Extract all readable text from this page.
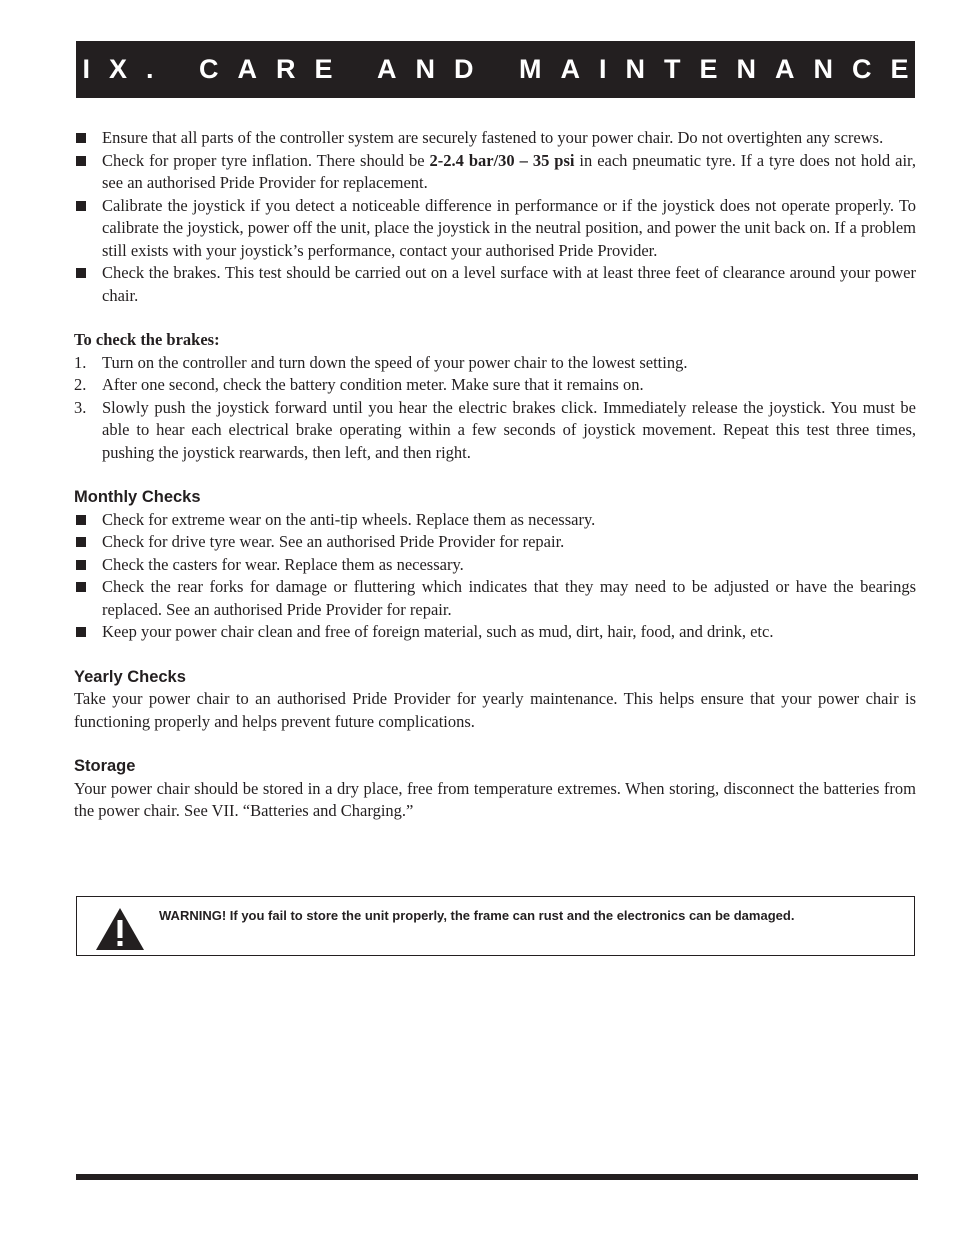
IX. CARE AND MAINTENANCE
Ensure that all parts of the controller system are securely fastened to your power chair. Do not overtighten any screws.
Check for proper tyre inflation. There should be 2-2.4 bar/30 – 35 psi in each pneumatic tyre. If a tyre does not hold air, see an authorised Pride Provider for replacement.
Calibrate the joystick if you detect a noticeable difference in performance or if the joystick does not operate properly. To calibrate the joystick, power off the unit, place the joystick in the neutral position, and power the unit back on. If a problem still exists with your joystick’s performance, contact your authorised Pride Provider.
Check the brakes. This test should be carried out on a level surface with at least three feet of clearance around your power chair.
To check the brakes:
1. Turn on the controller and turn down the speed of your power chair to the lowest setting.
2. After one second, check the battery condition meter. Make sure that it remains on.
3. Slowly push the joystick forward until you hear the electric brakes click. Immediately release the joystick. You must be able to hear each electrical brake operating within a few seconds of joystick movement. Repeat this test three times, pushing the joystick rearwards, then left, and then right.
Monthly Checks
Check for extreme wear on the anti-tip wheels. Replace them as necessary.
Check for drive tyre wear. See an authorised Pride Provider for repair.
Check the casters for wear. Replace them as necessary.
Check the rear forks for damage or fluttering which indicates that they may need to be adjusted or have the bearings replaced. See an authorised Pride Provider for repair.
Keep your power chair clean and free of foreign material, such as mud, dirt, hair, food, and drink, etc.
Yearly Checks

Take your power chair to an authorised Pride Provider for yearly maintenance. This helps ensure that your power chair is functioning properly and helps prevent future complications.

Storage

Your power chair should be stored in a dry place, free from temperature extremes. When storing, disconnect the batteries from the power chair. See VII. “Batteries and Charging.”

WARNING! If you fail to store the unit properly, the frame can rust and the electronics can be damaged.
